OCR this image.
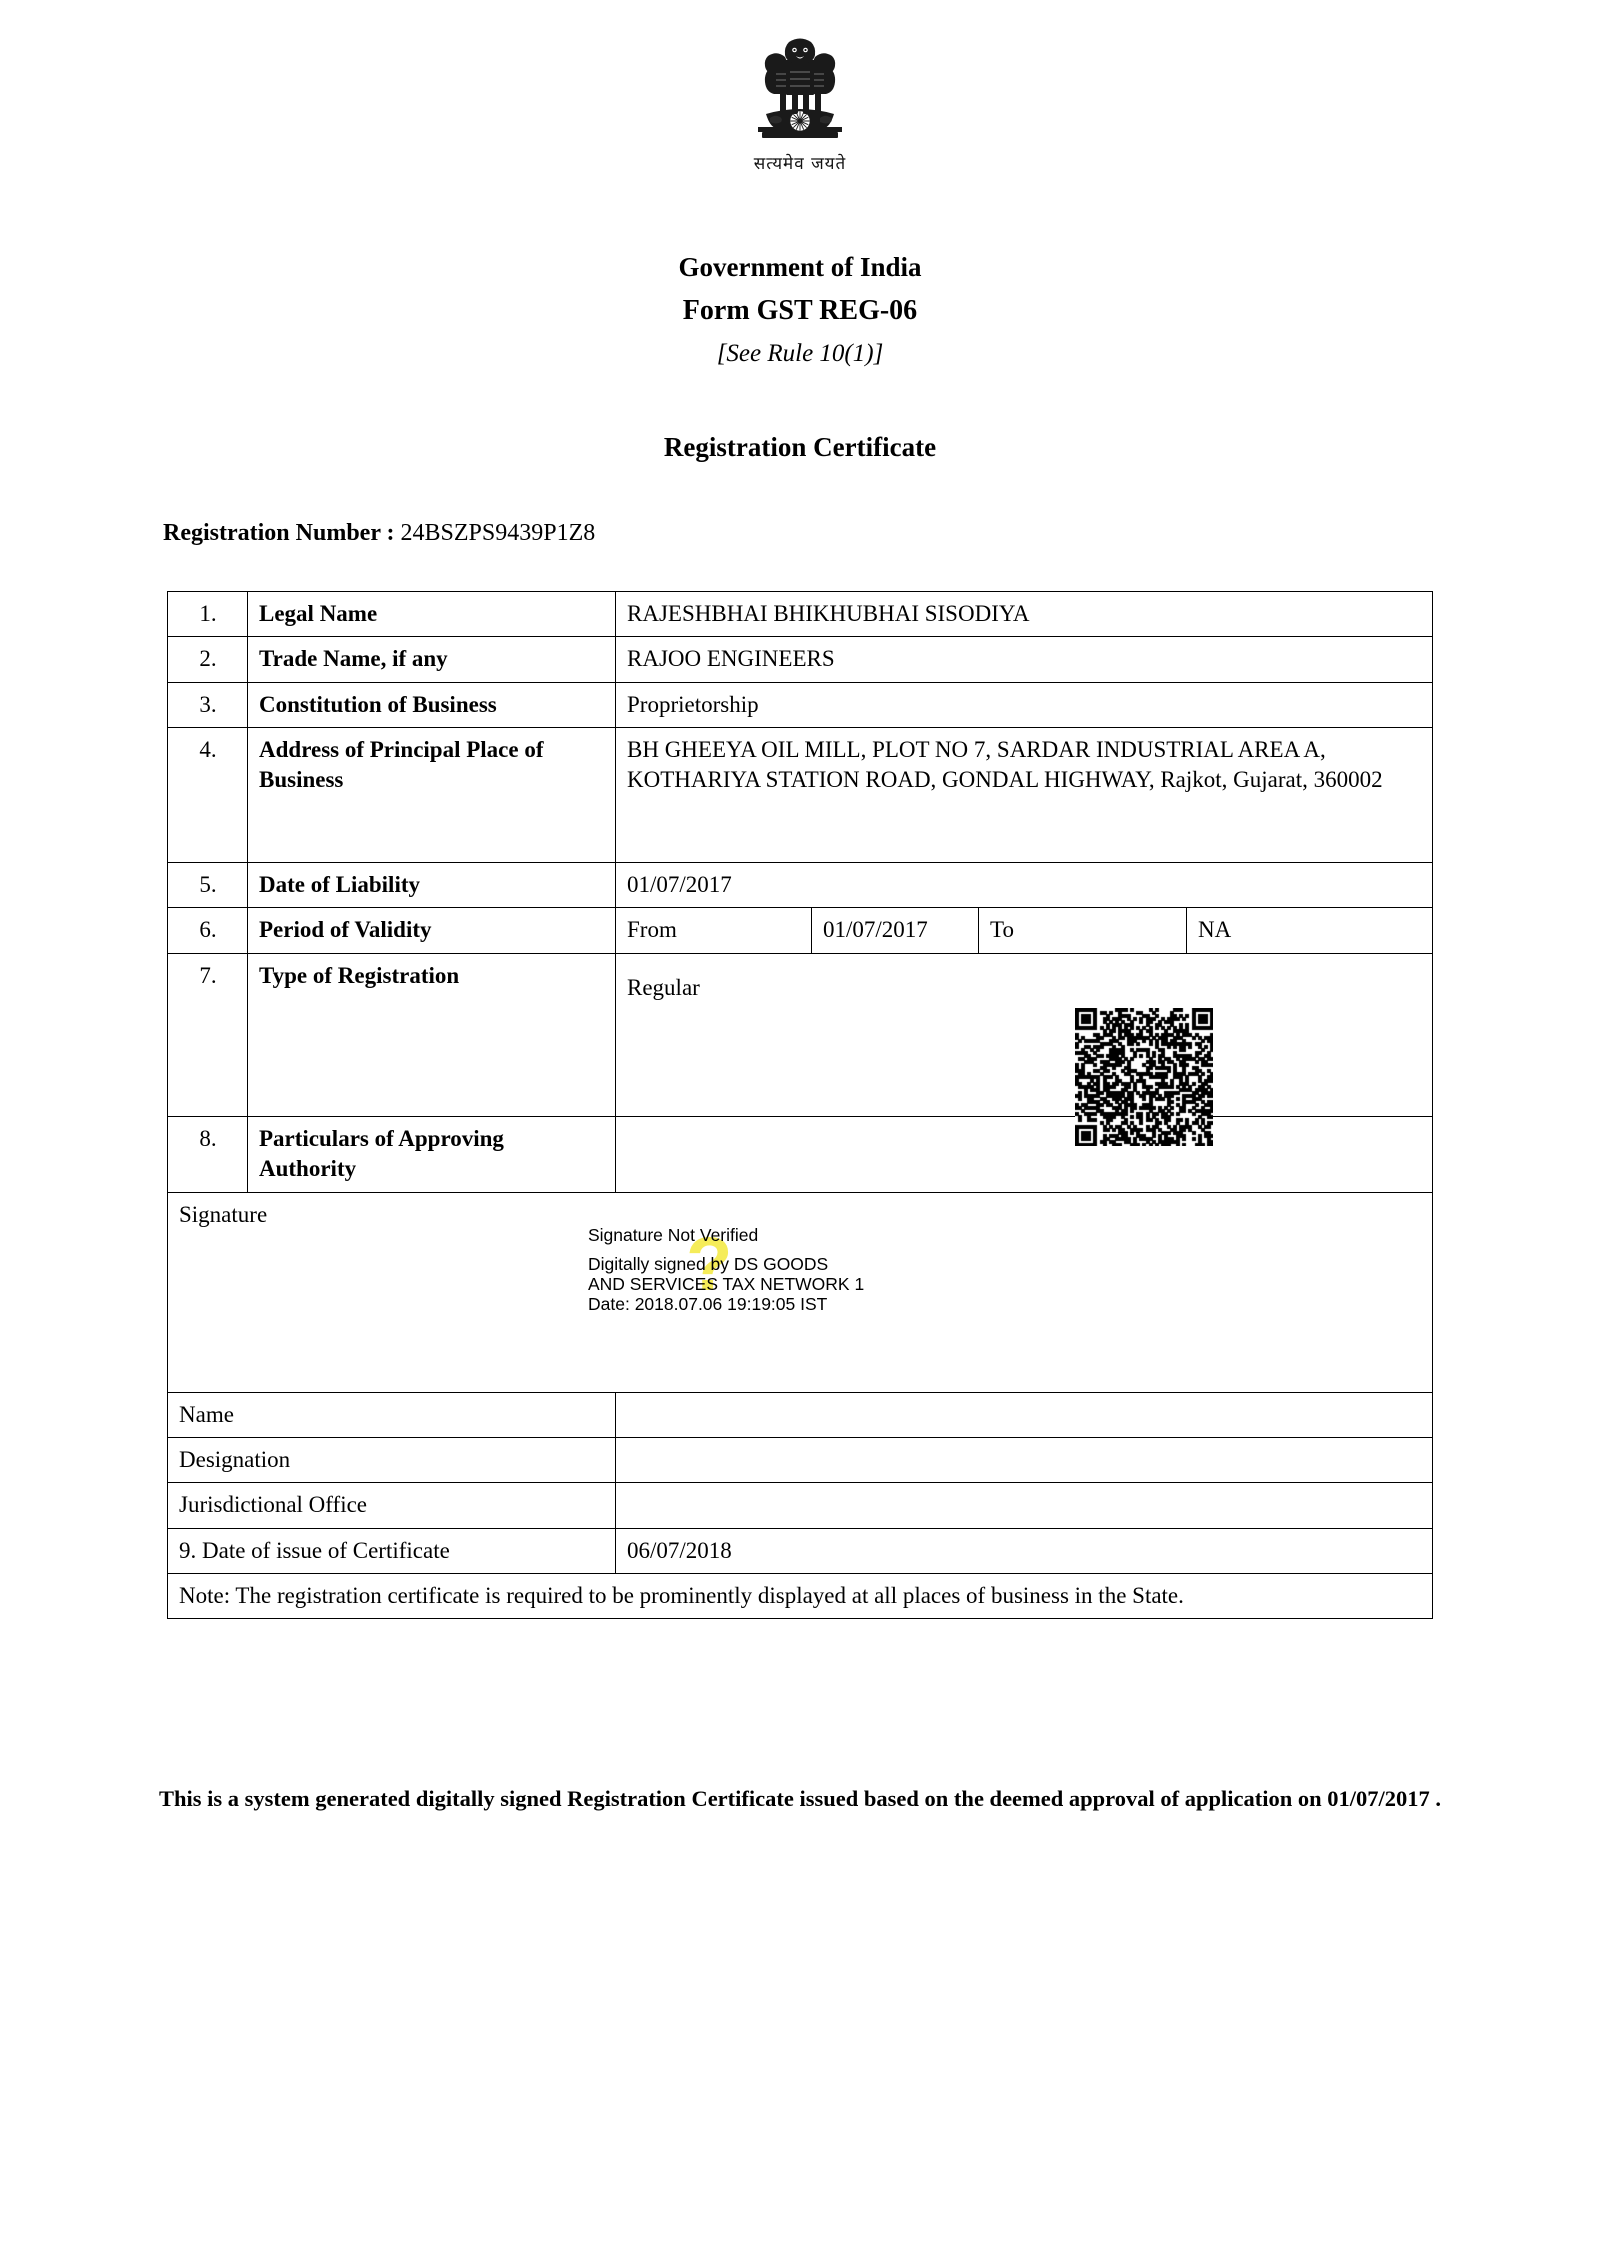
सत्यमेव जयते
Government of India
Form GST REG-06
[See Rule 10(1)]
Registration Certificate
Registration Number : 24BSZPS9439P1Z8
1.	Legal Name	RAJESHBHAI BHIKHUBHAI SISODIYA			
2.	Trade Name, if any	RAJOO ENGINEERS			
3.	Constitution of Business	Proprietorship			
4.	Address of Principal Place of Business	BH GHEEYA OIL MILL, PLOT NO 7, SARDAR INDUSTRIAL AREA A, KOTHARIYA STATION ROAD, GONDAL HIGHWAY, Rajkot, Gujarat, 360002			
5.	Date of Liability	01/07/2017			
6.	Period of Validity	From	01/07/2017	To	NA
7.	Type of Registration	Regular			

8.	Particulars of Approving Authority				

Signature
?
Signature Not Verified
Digitally signed by DS GOODS
AND SERVICES TAX NETWORK 1
Date: 2018.07.06 19:19:05 IST

Name					
Designation					
Jurisdictional Office					
9. Date of issue of Certificate		06/07/2018			
Note: The registration certificate is required to be prominently displayed at all places of business in the State.					
This is a system generated digitally signed Registration Certificate issued based on the deemed approval of application on 01/07/2017 .
